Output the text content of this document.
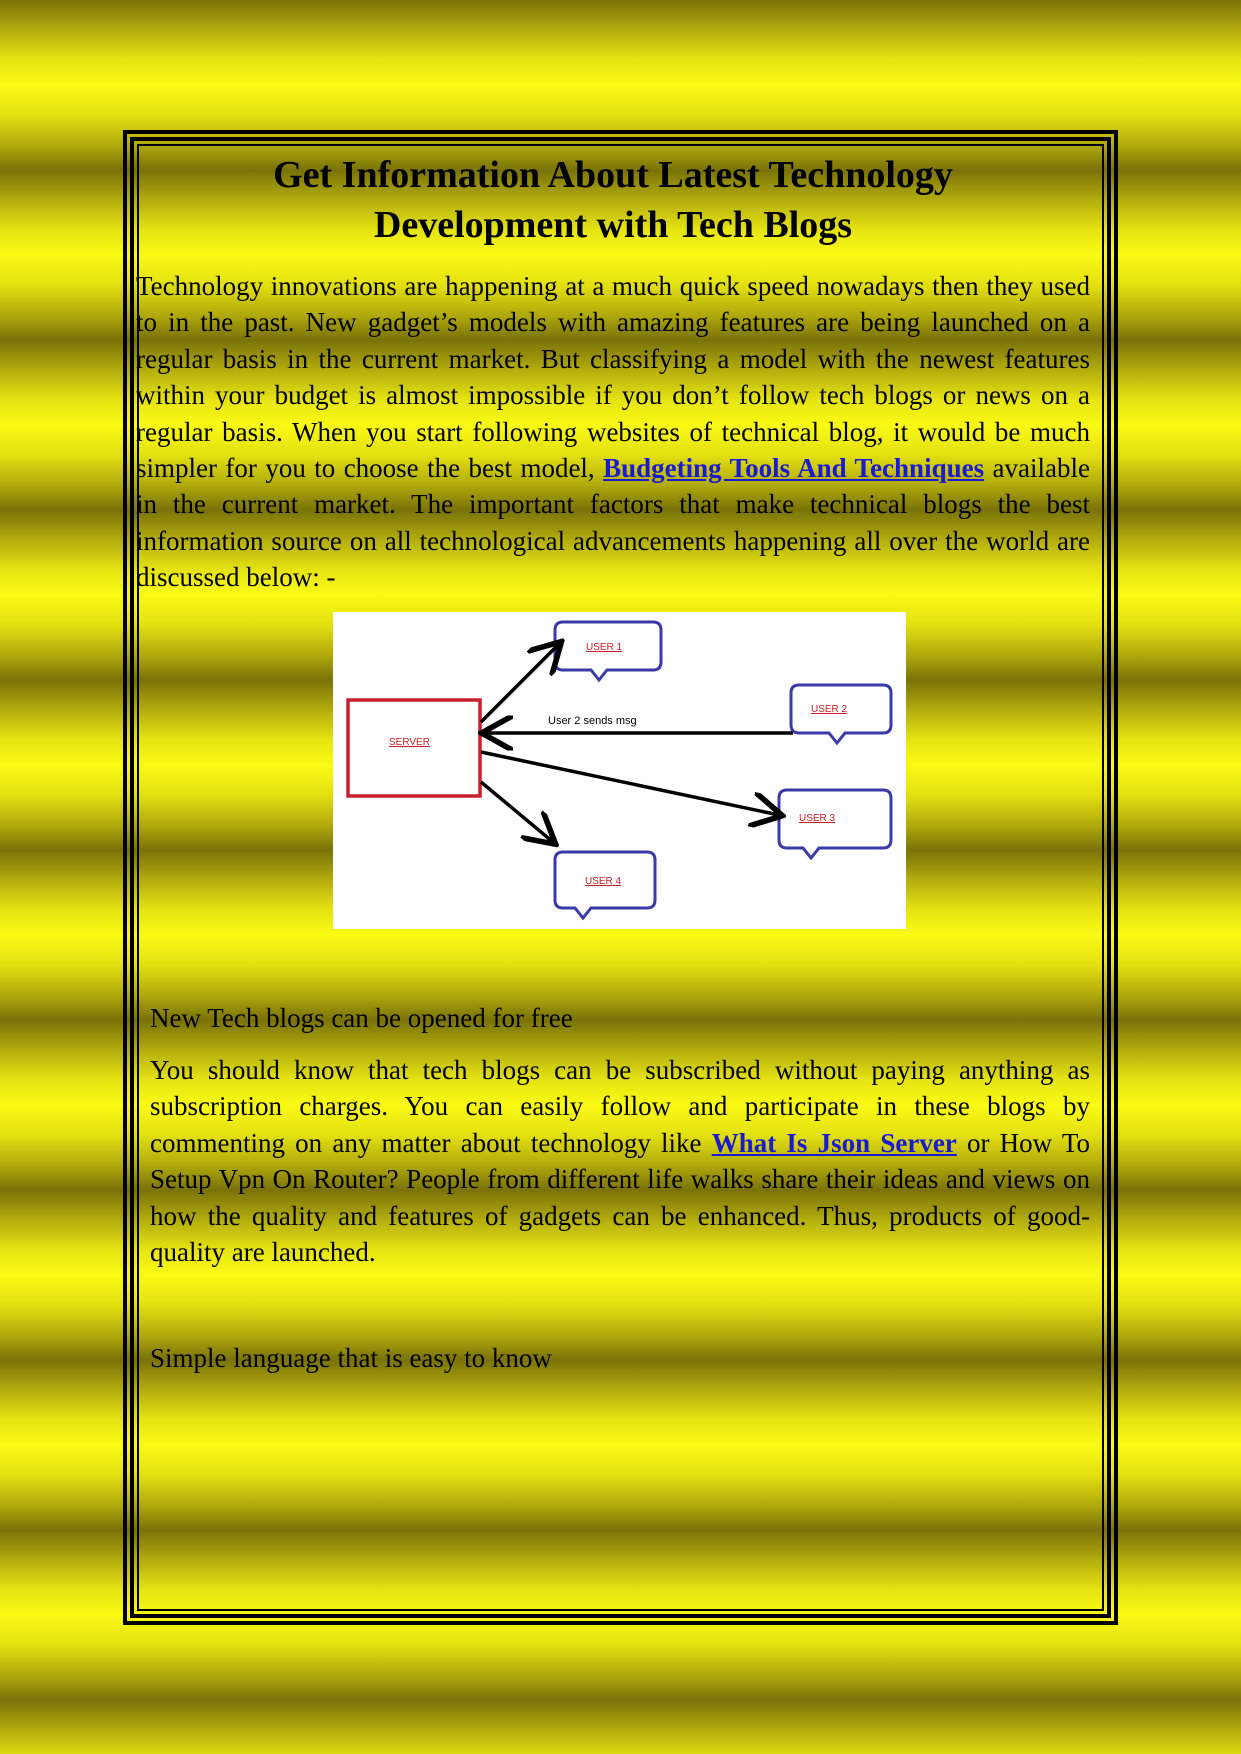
Get Information About Latest Technology Development with Tech Blogs

Technology innovations are happening at a much quick speed nowadays then they used to in the past. New gadget’s models with amazing features are being launched on a regular basis in the current market. But classifying a model with the newest features within your budget is almost impossible if you don’t follow tech blogs or news on a regular basis. When you start following websites of technical blog, it would be much simpler for you to choose the best model, Budgeting Tools And Techniques available in the current market. The important factors that make technical blogs the best information source on all technological advancements happening all over the world are discussed below: -

SERVER
USER 1
USER 2
USER 3
USER 4
User 2 sends msg
New Tech blogs can be opened for free

You should know that tech blogs can be subscribed without paying anything as subscription charges. You can easily follow and participate in these blogs by commenting on any matter about technology like What Is Json Server or How To Setup Vpn On Router? People from different life walks share their ideas and views on how the quality and features of gadgets can be enhanced. Thus, products of good-quality are launched.

Simple language that is easy to know
